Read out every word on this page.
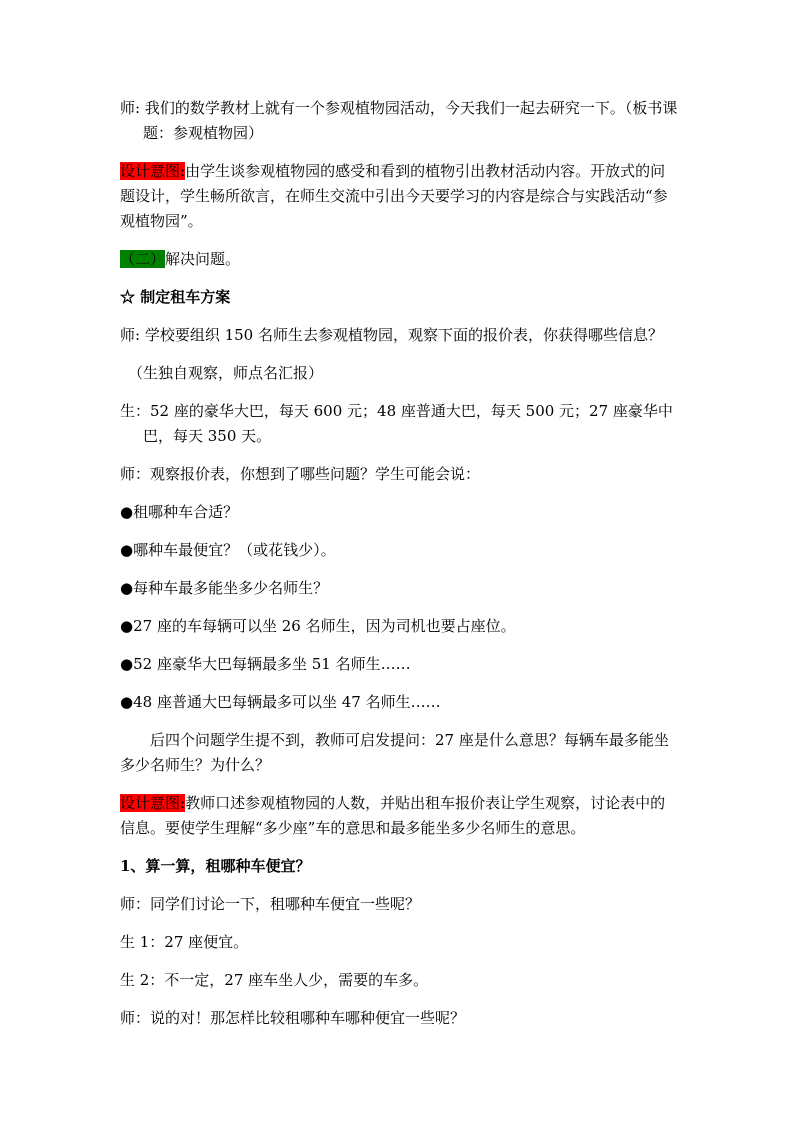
师: 我们的数学教材上就有一个参观植物园活动，今天我们一起去研究一下。（板书课题：参观植物园）

设计意图:由学生谈参观植物园的感受和看到的植物引出教材活动内容。开放式的问题设计，学生畅所欲言，在师生交流中引出今天要学习的内容是综合与实践活动“参观植物园”。

（二）解决问题。

☆ 制定租车方案

师: 学校要组织 150 名师生去参观植物园，观察下面的报价表，你获得哪些信息？

（生独自观察，师点名汇报）

生：52 座的豪华大巴，每天 600 元；48 座普通大巴，每天 500 元；27 座豪华中巴，每天 350 天。

师：观察报价表，你想到了哪些问题？学生可能会说：

●租哪种车合适？

●哪种车最便宜？（或花钱少）。

●每种车最多能坐多少名师生？

●27 座的车每辆可以坐 26 名师生，因为司机也要占座位。

●52 座豪华大巴每辆最多坐 51 名师生……

●48 座普通大巴每辆最多可以坐 47 名师生……

后四个问题学生提不到，教师可启发提问：27 座是什么意思？每辆车最多能坐多少名师生？为什么？

设计意图:教师口述参观植物园的人数，并贴出租车报价表让学生观察，讨论表中的信息。要使学生理解“多少座”车的意思和最多能坐多少名师生的意思。

1、算一算，租哪种车便宜？

师：同学们讨论一下，租哪种车便宜一些呢？

生 1：27 座便宜。

生 2：不一定，27 座车坐人少，需要的车多。

师：说的对！那怎样比较租哪种车哪种便宜一些呢？
